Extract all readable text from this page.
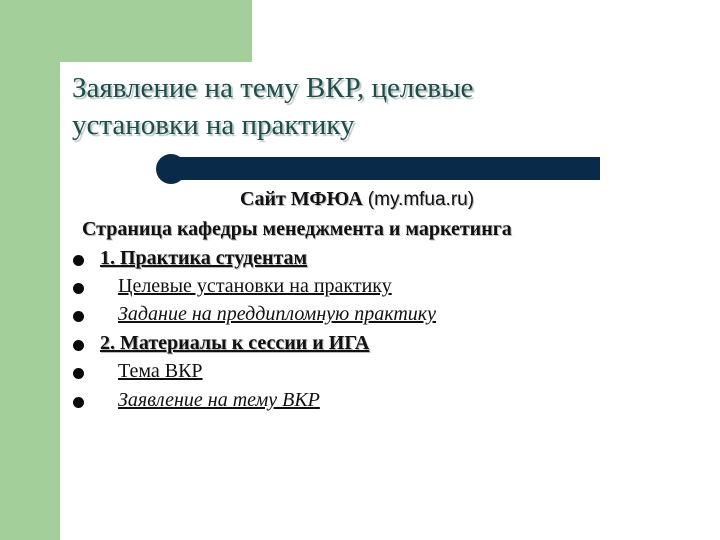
Заявление на тему ВКР, целевые
установки на практику
Сайт МФЮА (my.mfua.ru)
Страница кафедры менеджмента и маркетинга
1. Практика студентам
Целевые установки на практику
Задание на преддипломную практику
2. Материалы к сессии и ИГА
Тема ВКР
Заявление на тему ВКР
